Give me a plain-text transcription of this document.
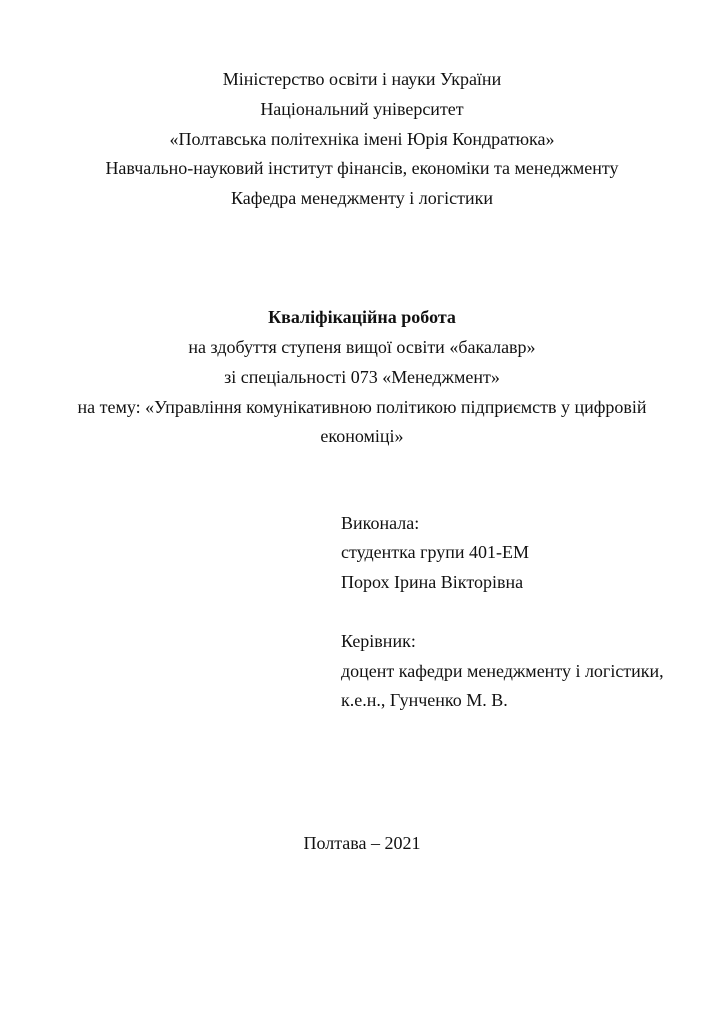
Міністерство освіти і науки України
Національний університет
«Полтавська політехніка імені Юрія Кондратюка»
Навчально-науковий інститут фінансів, економіки та менеджменту
Кафедра менеджменту і логістики
Кваліфікаційна робота
на здобуття ступеня вищої освіти «бакалавр»
зі спеціальності 073 «Менеджмент»
на тему: «Управління комунікативною політикою підприємств у цифровій
економіці»
Виконала:
студентка групи 401-ЕМ
Порох Ірина Вікторівна
Керівник:
доцент кафедри менеджменту і логістики,
к.е.н., Гунченко М. В.
Полтава – 2021
